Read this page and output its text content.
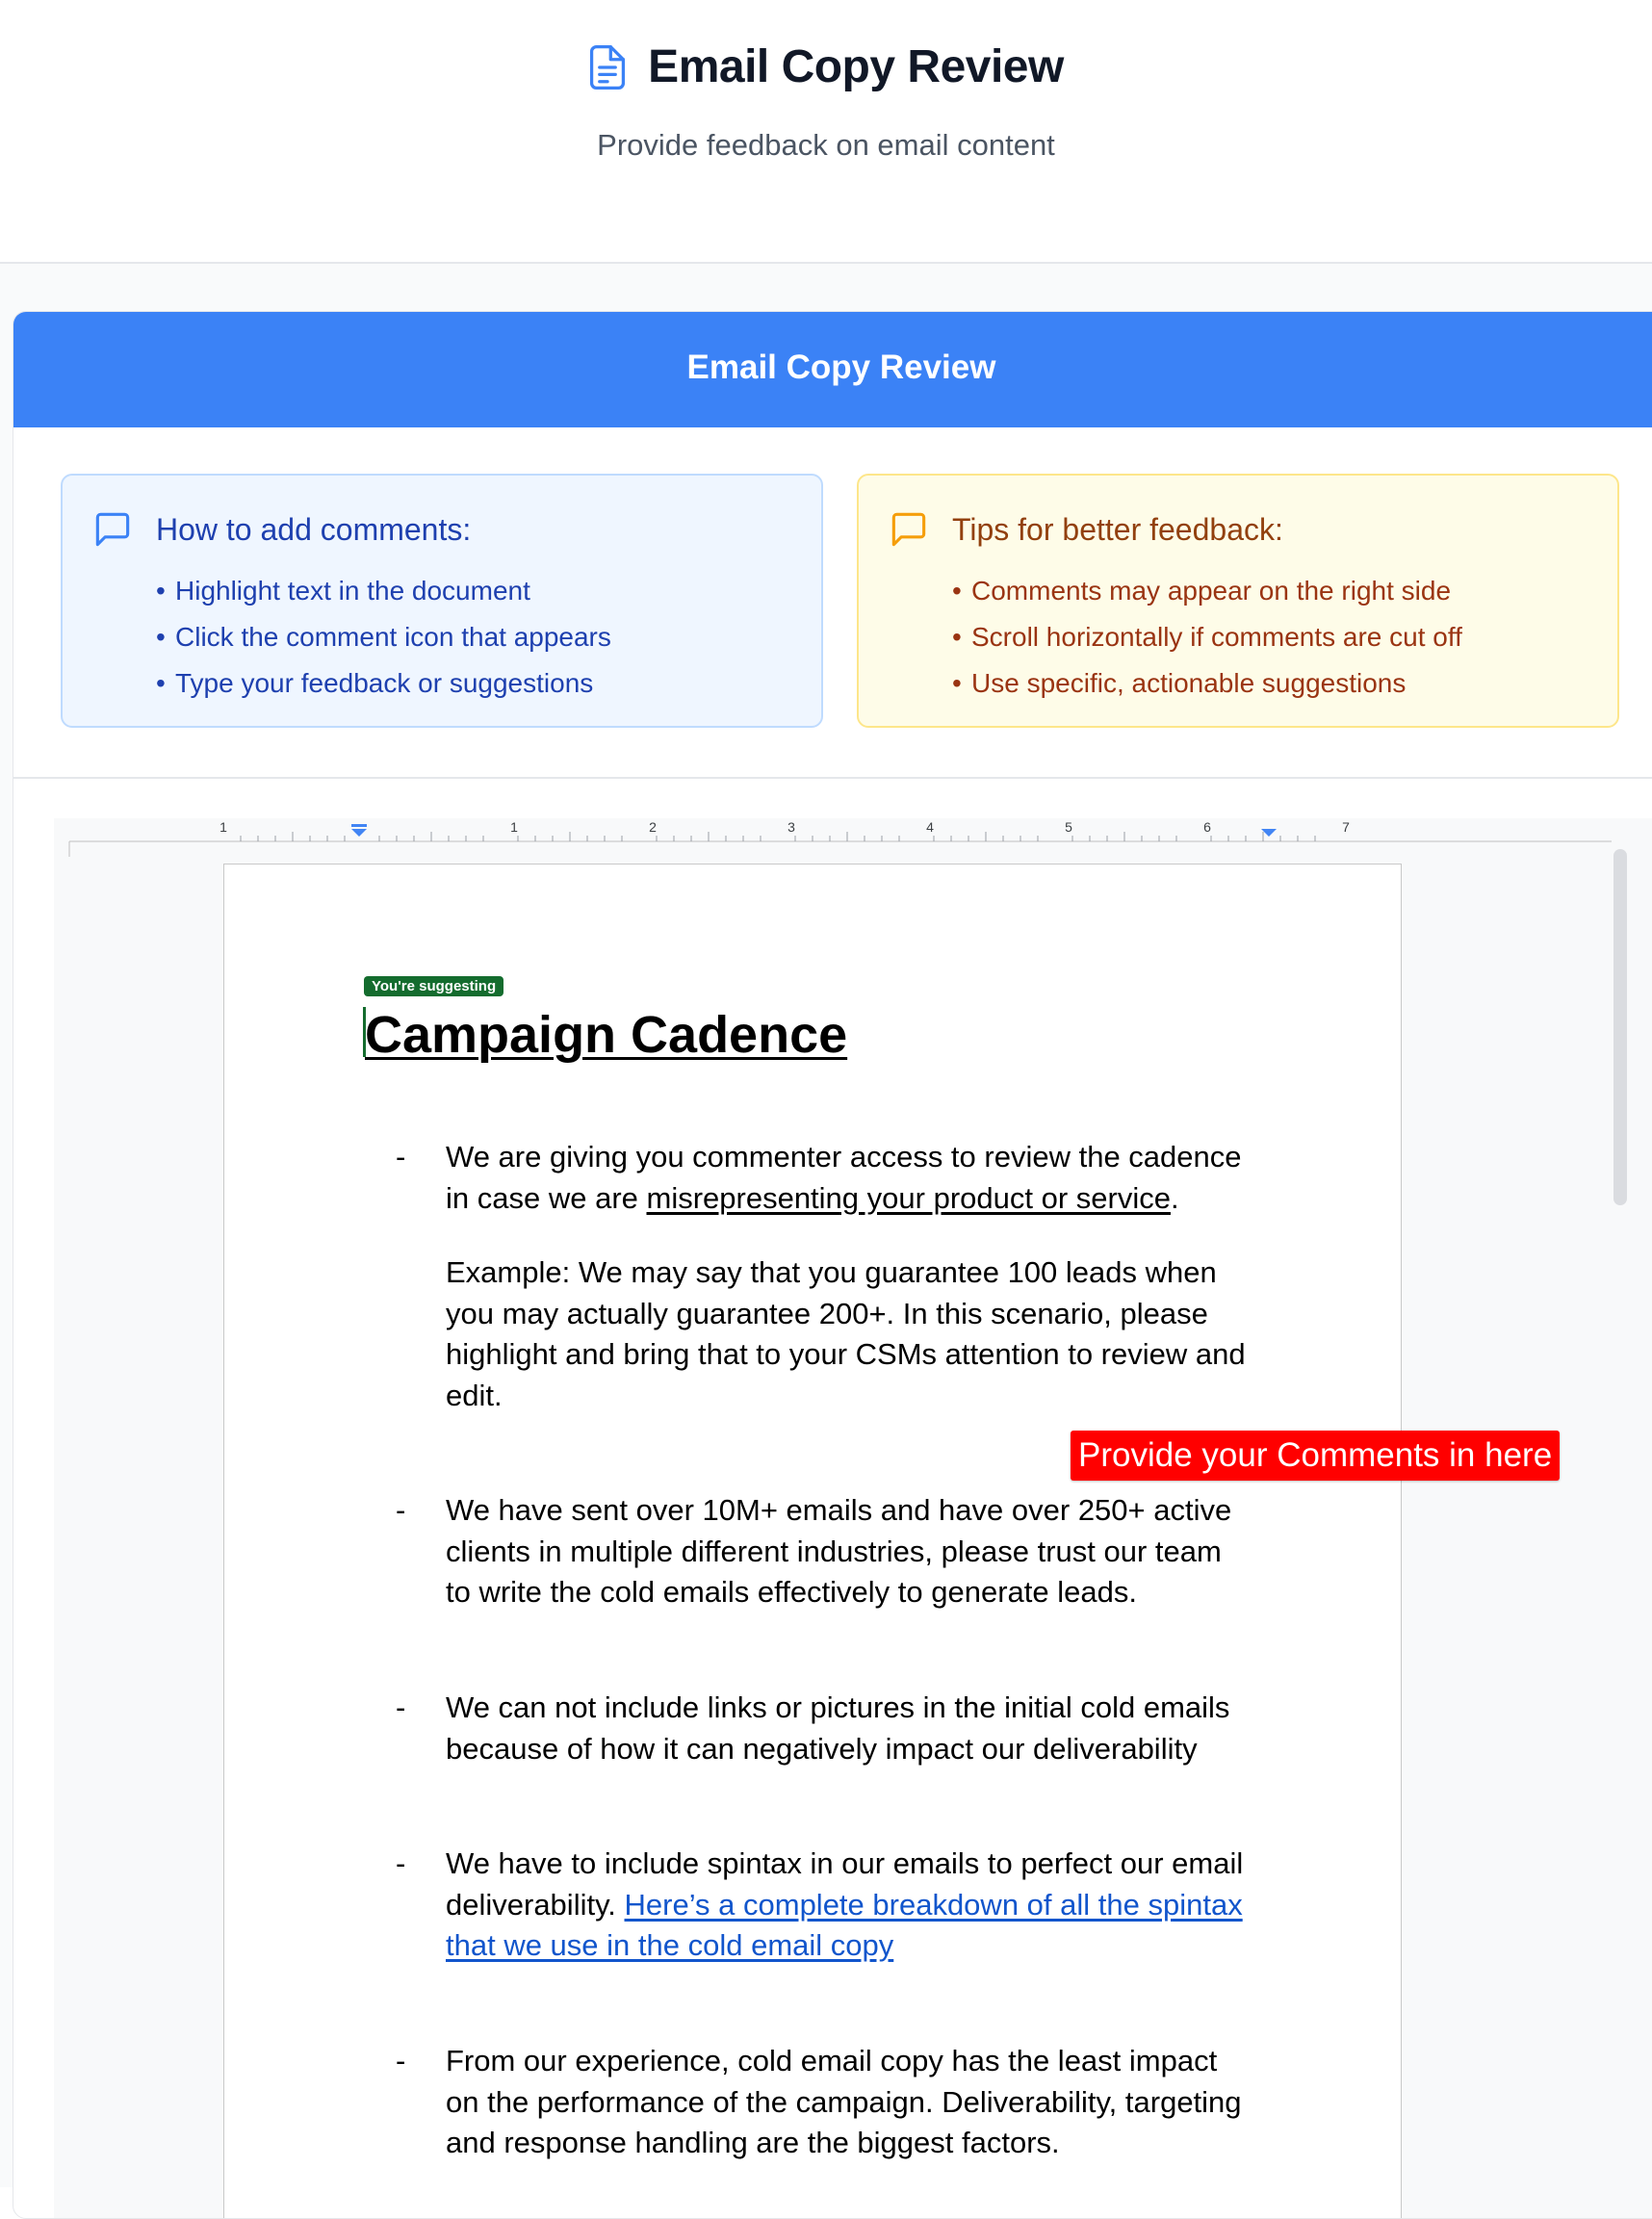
Email Copy Review
Provide feedback on email content
Email Copy Review
How to add comments:
• Highlight text in the document
• Click the comment icon that appears
• Type your feedback or suggestions
Tips for better feedback:
• Comments may appear on the right side
• Scroll horizontally if comments are cut off
• Use specific, actionable suggestions
1	1	2	3	4	5	6	7
You're suggesting
Campaign Cadence
- We are giving you commenter access to review the cadence
in case we are misrepresenting your product or service.
Example: We may say that you guarantee 100 leads when
you may actually guarantee 200+. In this scenario, please
highlight and bring that to your CSMs attention to review and
edit.
- We have sent over 10M+ emails and have over 250+ active
clients in multiple different industries, please trust our team
to write the cold emails effectively to generate leads.
- We can not include links or pictures in the initial cold emails
because of how it can negatively impact our deliverability
- We have to include spintax in our emails to perfect our email
deliverability. Here’s a complete breakdown of all the spintax
that we use in the cold email copy
- From our experience, cold email copy has the least impact
on the performance of the campaign. Deliverability, targeting
and response handling are the biggest factors.
Provide your Comments in here
